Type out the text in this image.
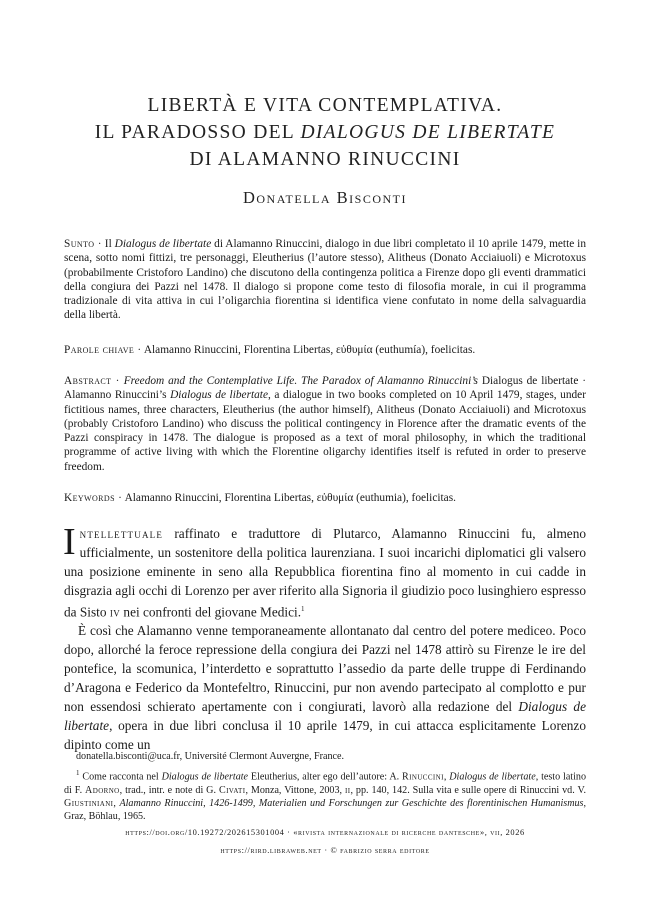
LIBERTÀ E VITA CONTEMPLATIVA.
IL PARADOSSO DEL DIALOGUS DE LIBERTATE
DI ALAMANNO RINUCCINI
Donatella Bisconti
Sunto · Il Dialogus de libertate di Alamanno Rinuccini, dialogo in due libri completato il 10 aprile 1479, mette in scena, sotto nomi fittizi, tre personaggi, Eleutherius (l’autore stesso), Alitheus (Donato Acciaiuoli) e Microtoxus (probabilmente Cristoforo Landino) che discutono della contingenza politica a Firenze dopo gli eventi drammatici della congiura dei Pazzi nel 1478. Il dialogo si propone come testo di filosofia morale, in cui il programma tradizionale di vita attiva in cui l’oligarchia fiorentina si identifica viene confutato in nome della salvaguardia della libertà.
Parole chiave · Alamanno Rinuccini, Florentina Libertas, εὐθυμία (euthumía), foelicitas.
Abstract · Freedom and the Contemplative Life. The Paradox of Alamanno Rinuccini’s Dialogus de libertate · Alamanno Rinuccini’s Dialogus de libertate, a dialogue in two books completed on 10 April 1479, stages, under fictitious names, three characters, Eleutherius (the author himself), Alitheus (Donato Acciaiuoli) and Microtoxus (probably Cristoforo Landino) who discuss the political contingency in Florence after the dramatic events of the Pazzi conspiracy in 1478. The dialogue is proposed as a text of moral philosophy, in which the traditional programme of active living with which the Florentine oligarchy identifies itself is refuted in order to preserve freedom.
Keywords · Alamanno Rinuccini, Florentina Libertas, εὐθυμία (euthumia), foelicitas.

Intellettuale raffinato e traduttore di Plutarco, Alamanno Rinuccini fu, almeno ufficialmente, un sostenitore della politica laurenziana. I suoi incarichi diplomatici gli valsero una posizione eminente in seno alla Repubblica fiorentina fino al momento in cui cadde in disgrazia agli occhi di Lorenzo per aver riferito alla Signoria il giudizio poco lusinghiero espresso da Sisto iv nei confronti del giovane Medici.$^1$

È così che Alamanno venne temporaneamente allontanato dal centro del potere mediceo. Poco dopo, allorché la feroce repressione della congiura dei Pazzi nel 1478 attirò su Firenze le ire del pontefice, la scomunica, l’interdetto e soprattutto l’assedio da parte delle truppe di Ferdinando d’Aragona e Federico da Montefeltro, Rinuccini, pur non avendo partecipato al complotto e pur non essendosi schierato apertamente con i congiurati, lavorò alla redazione del Dialogus de libertate, opera in due libri conclusa il 10 aprile 1479, in cui attacca esplicitamente Lorenzo dipinto come un

donatella.bisconti@uca.fr, Université Clermont Auvergne, France.
$^1$ Come racconta nel Dialogus de libertate Eleutherius, alter ego dell’autore: A. Rinuccini, Dialogus de libertate, testo latino di F. Adorno, trad., intr. e note di G. Civati, Monza, Vittone, 2003, ii, pp. 140, 142. Sulla vita e sulle opere di Rinuccini vd. V. Giustiniani, Alamanno Rinuccini, 1426-1499, Materialien und Forschungen zur Geschichte des florentinischen Humanismus, Graz, Böhlau, 1965.
https://doi.org/10.19272/202615301004 · «rivista internazionale di ricerche dantesche», vii, 2026
https://rird.libraweb.net · © fabrizio serra editore
